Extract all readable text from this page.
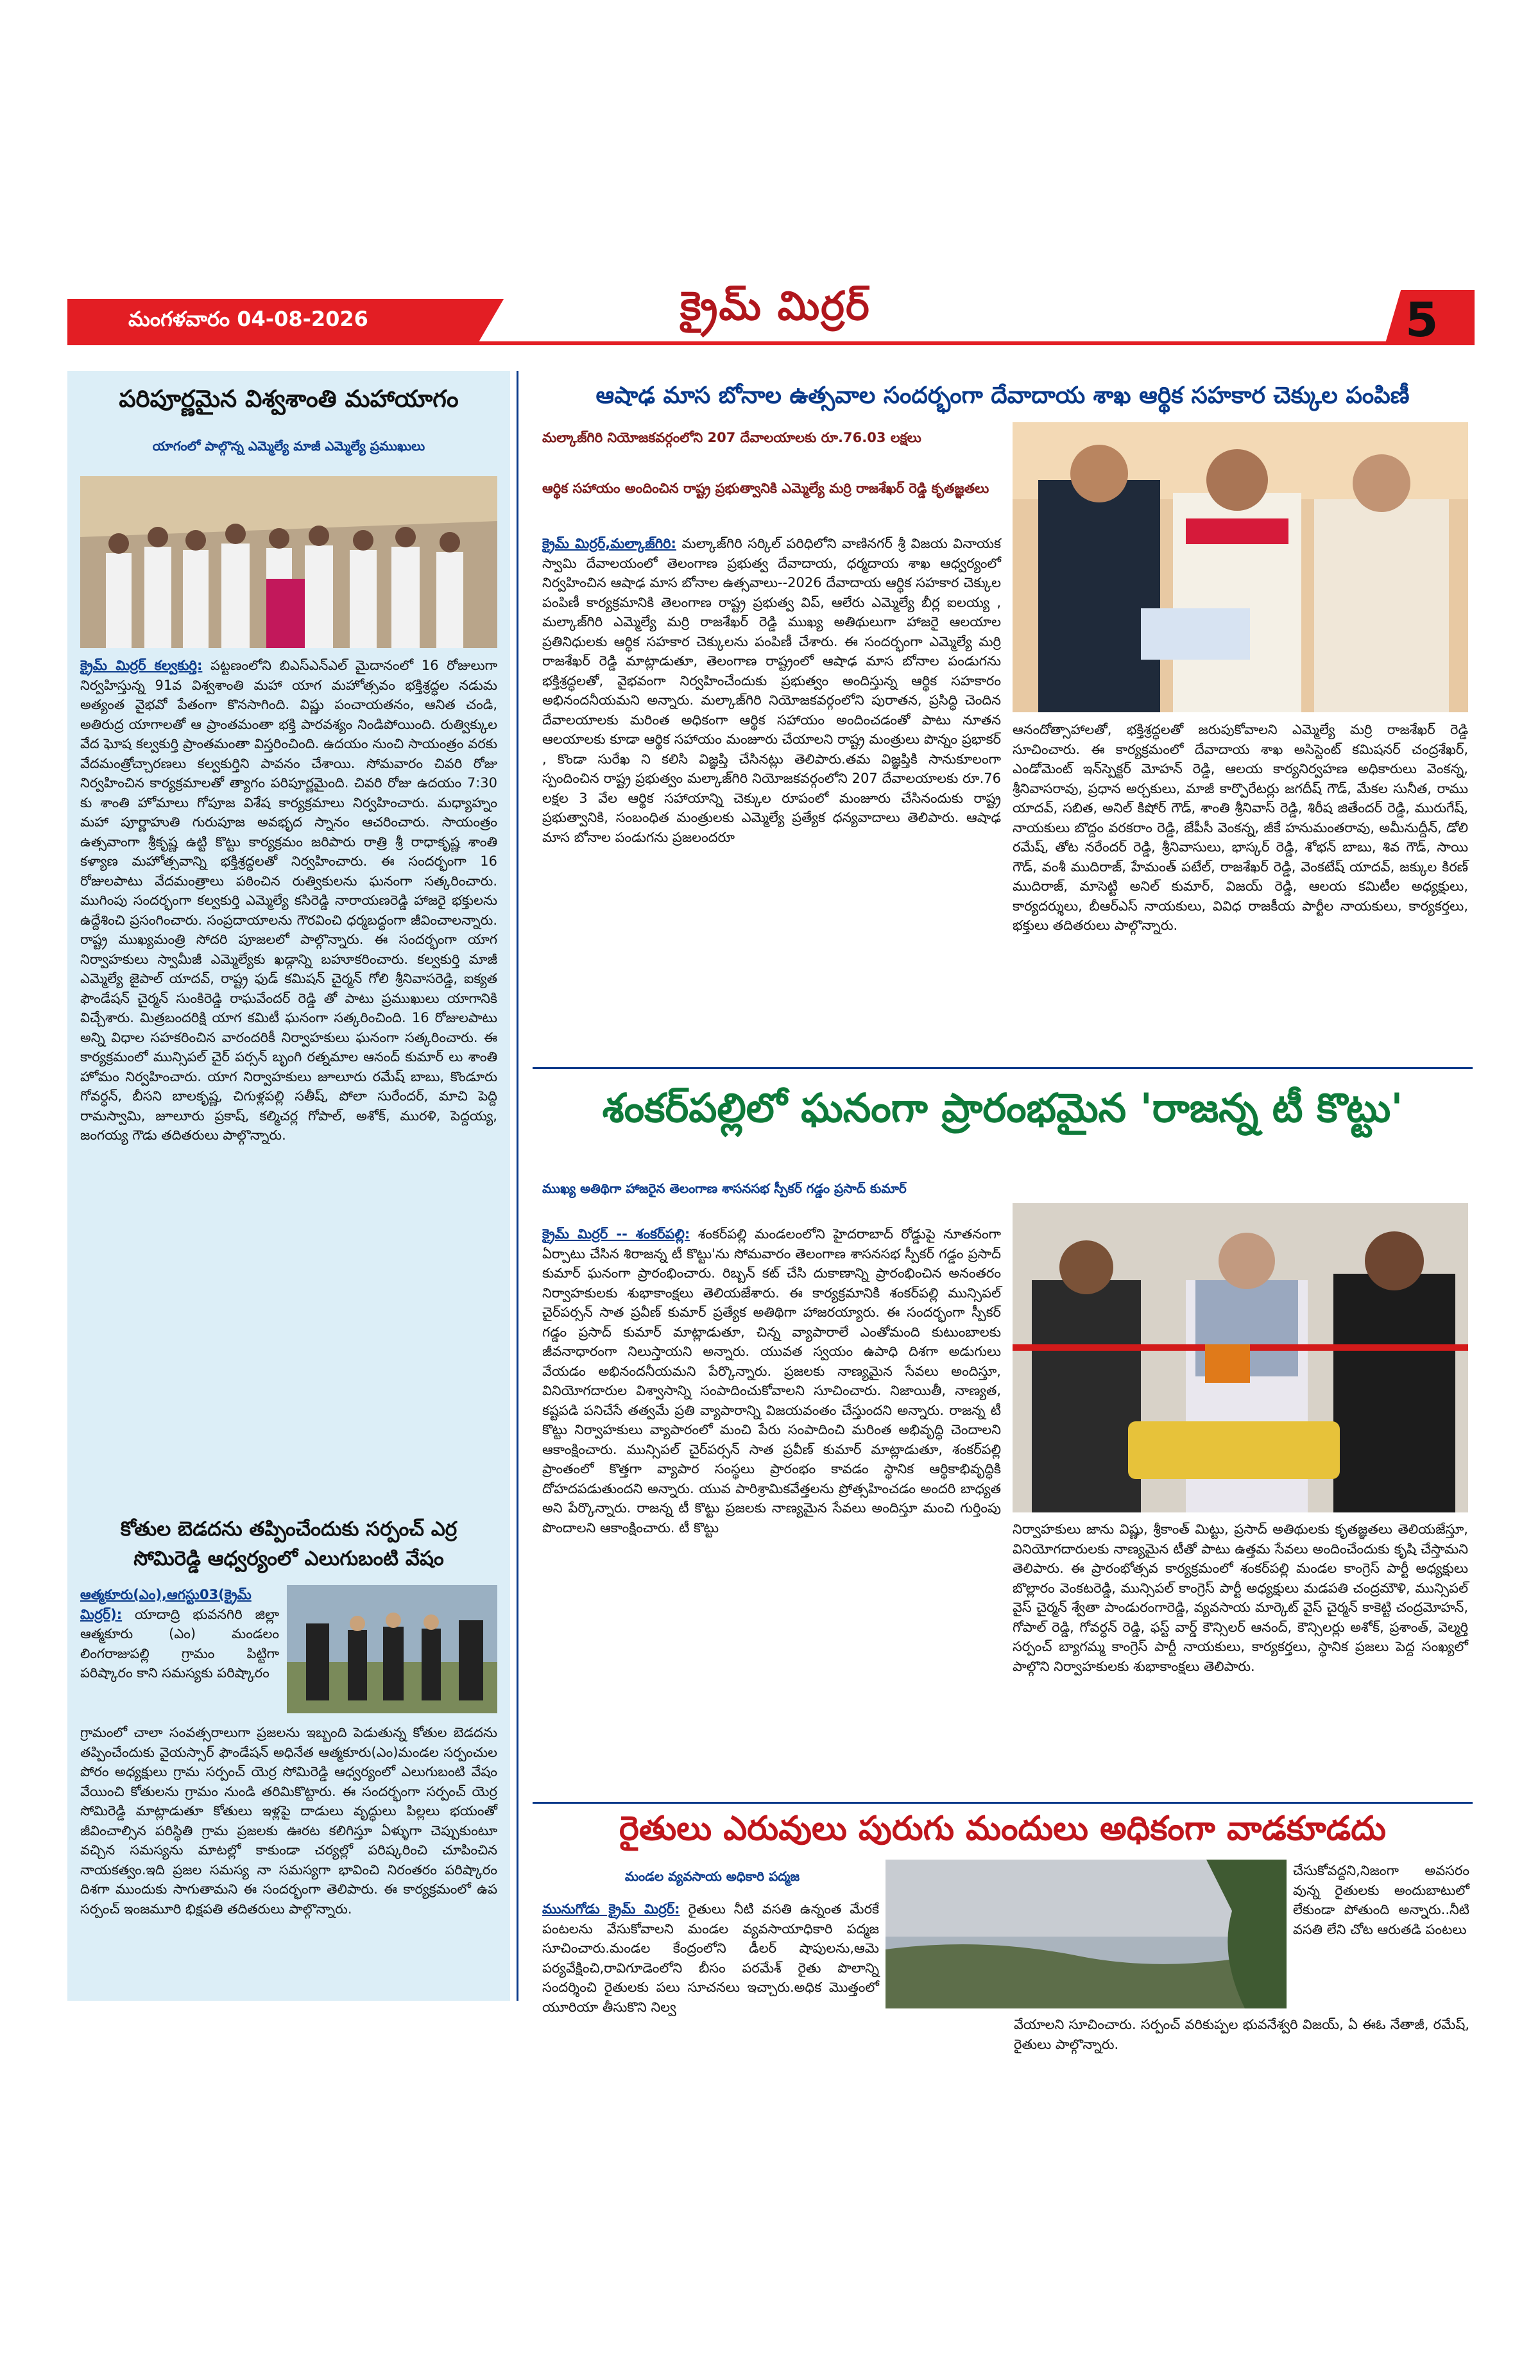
మంగళవారం 04-08-2026	క్రైమ్ మిర్రర్	5
పరిపూర్ణమైన విశ్వశాంతి మహాయాగం
యాగంలో పాల్గొన్న ఎమ్మెల్యే మాజీ ఎమ్మెల్యే ప్రముఖులు
క్రైమ్ మిర్రర్ కల్వకుర్తి: పట్టణంలోని బిఎస్ఎన్ఎల్ మైదానంలో 16 రోజులుగా నిర్వహిస్తున్న 91వ విశ్వశాంతి మహా యాగ మహోత్సవం భక్తిశ్రద్ధల నడుమ అత్యంత వైభవో పేతంగా కొనసాగింది. విష్ణు పంచాయతనం, ఆనిత చండి, అతిరుద్ర యాగాలతో ఆ ప్రాంతమంతా భక్తి పారవశ్యం నిండిపోయింది. రుత్విక్కుల వేద ఘోష కల్వకుర్తి ప్రాంతమంతా విస్తరించింది. ఉదయం నుంచి సాయంత్రం వరకు వేదమంత్రోచ్చారణలు కల్వకుర్తిని పావనం చేశాయి. సోమవారం చివరి రోజు నిర్వహించిన కార్యక్రమాలతో త్యాగం పరిపూర్ణమైంది. చివరి రోజు ఉదయం 7:30 కు శాంతి హోమాలు గోపూజ విశేష కార్యక్రమాలు నిర్వహించారు. మధ్యాహ్నం మహా పూర్ణాహుతి గురుపూజ అవభృద స్నానం ఆచరించారు. సాయంత్రం ఉత్సవాంగా శ్రీకృష్ణ ఉట్టి కొట్టు కార్యక్రమం జరిపారు రాత్రి శ్రీ రాధాకృష్ణ శాంతి కళ్యాణ మహోత్సవాన్ని భక్తిశ్రద్ధలతో నిర్వహించారు. ఈ సందర్భంగా 16 రోజులపాటు వేదమంత్రాలు పఠించిన రుత్వికులను ఘనంగా సత్కరించారు. ముగింపు సందర్భంగా కల్వకుర్తి ఎమ్మెల్యే కసిరెడ్డి నారాయణరెడ్డి హాజరై భక్తులను ఉద్దేశించి ప్రసంగించారు. సంప్రదాయాలను గౌరవించి ధర్మబద్ధంగా జీవించాలన్నారు. రాష్ట్ర ముఖ్యమంత్రి సోదరి పూజలలో పాల్గొన్నారు. ఈ సందర్భంగా యాగ నిర్వాహకులు స్వామీజీ ఎమ్మెల్యేకు ఖడ్గాన్ని బహూకరించారు. కల్వకుర్తి మాజీ ఎమ్మెల్యే జైపాల్ యాదవ్, రాష్ట్ర ఫుడ్ కమిషన్ చైర్మన్ గోలి శ్రీనివాసరెడ్డి, ఐక్యత ఫౌండేషన్ చైర్మన్ సుంకిరెడ్డి రాఘవేందర్ రెడ్డి తో పాటు ప్రముఖులు యాగానికి విచ్చేశారు. మిత్రబందరిక్షి యాగ కమిటీ ఘనంగా సత్కరించింది. 16 రోజులపాటు అన్ని విధాల సహకరించిన వారందరికీ నిర్వాహకులు ఘనంగా సత్కరించారు. ఈ కార్యక్రమంలో మున్సిపల్ చైర్ పర్సన్ బృంగి రత్నమాల ఆనంద్ కుమార్ లు శాంతి హోమం నిర్వహించారు. యాగ నిర్వాహకులు జూలూరు రమేష్ బాబు, కొండూరు గోవర్ధన్, బీసని బాలకృష్ణ, చిగుళ్లపల్లి సతీష్, పోలా సురేందర్, మాచి పెద్ది రామస్వామి, జూలూరు ప్రకాష్, కల్మిచర్ల గోపాల్, అశోక్, మురళి, పెద్దయ్య, జంగయ్య గౌడు తదితరులు పాల్గొన్నారు.
కోతుల బెడదను తప్పించేందుకు సర్పంచ్ ఎర్ర
సోమిరెడ్డి ఆధ్వర్యంలో ఎలుగుబంటి వేషం
ఆత్మకూరు(ఎం),ఆగస్టు03(క్రైమ్ మిర్రర్): యాదాద్రి భువనగిరి జిల్లా ఆత్మకూరు (ఎం) మండలం లింగరాజుపల్లి గ్రామం పిట్టిగా పరిష్కారం కాని సమస్యకు పరిష్కారం
గ్రామంలో చాలా సంవత్సరాలుగా ప్రజలను ఇబ్బంది పెడుతున్న కోతుల బెడదను తప్పించేందుకు వైయస్సార్ ఫౌండేషన్ అధినేత ఆత్మకూరు(ఎం)మండల సర్పంచుల పోరం అధ్యక్షులు గ్రామ సర్పంచ్ యెర్ర సోమిరెడ్డి ఆధ్వర్యంలో ఎలుగుబంటి వేషం వేయించి కోతులను గ్రామం నుండి తరిమికొట్టారు. ఈ సందర్భంగా సర్పంచ్ యెర్ర సోమిరెడ్డి మాట్లాడుతూ కోతులు ఇళ్లపై దాడులు వృద్ధులు పిల్లలు భయంతో జీవించాల్సిన పరిస్థితి గ్రామ ప్రజలకు ఊరట కలిగిస్తూ ఏళ్ళుగా చెప్పుకుంటూ వచ్చిన సమస్యను మాటల్లో కాకుండా చర్యల్లో పరిష్కరించి చూపించిన నాయకత్వం.ఇది ప్రజల సమస్య నా సమస్యగా భావించి నిరంతరం పరిష్కారం దిశగా ముందుకు సాగుతామని ఈ సందర్భంగా తెలిపారు. ఈ కార్యక్రమంలో ఉప సర్పంచ్ ఇంజమూరి భిక్షపతి తదితరులు పాల్గొన్నారు.
ఆషాఢ మాస బోనాల ఉత్సవాల సందర్భంగా దేవాదాయ శాఖ ఆర్థిక సహకార చెక్కుల పంపిణీ
మల్కాజ్‌గిరి నియోజకవర్గంలోని 207 దేవాలయాలకు రూ.76.03 లక్షలు
ఆర్థిక సహాయం అందించిన రాష్ట్ర ప్రభుత్వానికి ఎమ్మెల్యే మర్రి రాజశేఖర్ రెడ్డి కృతజ్ఞతలు
క్రైమ్ మిర్రర్,మల్కాజ్‌గిరి: మల్కాజ్‌గిరి సర్కిల్ పరిధిలోని వాణినగర్ శ్రీ విజయ వినాయక స్వామి దేవాలయంలో తెలంగాణ ప్రభుత్వ దేవాదాయ, ధర్మదాయ శాఖ ఆధ్వర్యంలో నిర్వహించిన ఆషాఢ మాస బోనాల ఉత్సవాలు--2026 దేవాదాయ ఆర్థిక సహకార చెక్కుల పంపిణీ కార్యక్రమానికి తెలంగాణ రాష్ట్ర ప్రభుత్వ విప్, ఆలేరు ఎమ్మెల్యే బీర్ల ఐలయ్య , మల్కాజ్‌గిరి ఎమ్మెల్యే మర్రి రాజశేఖర్ రెడ్డి ముఖ్య అతిథులుగా హాజరై ఆలయాల ప్రతినిధులకు ఆర్థిక సహకార చెక్కులను పంపిణీ చేశారు. ఈ సందర్భంగా ఎమ్మెల్యే మర్రి రాజశేఖర్ రెడ్డి మాట్లాడుతూ, తెలంగాణ రాష్ట్రంలో ఆషాఢ మాస బోనాల పండుగను భక్తిశ్రద్ధలతో, వైభవంగా నిర్వహించేందుకు ప్రభుత్వం అందిస్తున్న ఆర్థిక సహకారం అభినందనీయమని అన్నారు. మల్కాజ్‌గిరి నియోజకవర్గంలోని పురాతన, ప్రసిద్ధి చెందిన దేవాలయాలకు మరింత అధికంగా ఆర్థిక సహాయం అందించడంతో పాటు నూతన ఆలయాలకు కూడా ఆర్థిక సహాయం మంజూరు చేయాలని రాష్ట్ర మంత్రులు పొన్నం ప్రభాకర్ , కొండా సురేఖ ని కలిసి విజ్ఞప్తి చేసినట్లు తెలిపారు.తమ విజ్ఞప్తికి సానుకూలంగా స్పందించిన రాష్ట్ర ప్రభుత్వం మల్కాజ్‌గిరి నియోజకవర్గంలోని 207 దేవాలయాలకు రూ.76 లక్షల 3 వేల ఆర్థిక సహాయాన్ని చెక్కుల రూపంలో మంజూరు చేసినందుకు రాష్ట్ర ప్రభుత్వానికి, సంబంధిత మంత్రులకు ఎమ్మెల్యే ప్రత్యేక ధన్యవాదాలు తెలిపారు. ఆషాఢ మాస బోనాల పండుగను ప్రజలందరూ
ఆనందోత్సాహాలతో, భక్తిశ్రద్ధలతో జరుపుకోవాలని ఎమ్మెల్యే మర్రి రాజశేఖర్ రెడ్డి సూచించారు. ఈ కార్యక్రమంలో దేవాదాయ శాఖ అసిస్టెంట్ కమిషనర్ చంద్రశేఖర్, ఎండోమెంట్ ఇన్‌స్పెక్టర్ మోహన్ రెడ్డి, ఆలయ కార్యనిర్వహణ అధికారులు వెంకన్న, శ్రీనివాసరావు, ప్రధాన అర్చకులు, మాజీ కార్పొరేటర్లు జగదీష్ గౌడ్, మేకల సునీత, రాము యాదవ్, సబిత, అనిల్ కిషోర్ గౌడ్, శాంతి శ్రీనివాస్ రెడ్డి, శిరీష జితేందర్ రెడ్డి, మురుగేష్, నాయకులు బొద్దం వరకరాం రెడ్డి, జేపీసీ వెంకన్న, జీకే హనుమంతరావు, అమీనుద్దీన్, డోలి రమేష్, తోట నరేందర్ రెడ్డి, శ్రీనివాసులు, భాస్కర్ రెడ్డి, శోభన్ బాబు, శివ గౌడ్, సాయి గౌడ్, వంశీ ముదిరాజ్, హేమంత్ పటేల్, రాజశేఖర్ రెడ్డి, వెంకటేష్ యాదవ్, జక్కుల కిరణ్ ముదిరాజ్, మాసెట్టి అనిల్ కుమార్, విజయ్ రెడ్డి, ఆలయ కమిటీల అధ్యక్షులు, కార్యదర్శులు, బీఆర్ఎస్ నాయకులు, వివిధ రాజకీయ పార్టీల నాయకులు, కార్యకర్తలు, భక్తులు తదితరులు పాల్గొన్నారు.
శంకర్‌పల్లిలో ఘనంగా ప్రారంభమైన 'రాజన్న టీ కొట్టు'
ముఖ్య అతిథిగా హాజరైన తెలంగాణ శాసనసభ స్పీకర్ గడ్డం ప్రసాద్ కుమార్
క్రైమ్ మిర్రర్ -- శంకర్‌పల్లి: శంకర్‌పల్లి మండలంలోని హైదరాబాద్ రోడ్డుపై నూతనంగా ఏర్పాటు చేసిన శిరాజన్న టీ కొట్టు'ను సోమవారం తెలంగాణ శాసనసభ స్పీకర్ గడ్డం ప్రసాద్ కుమార్ ఘనంగా ప్రారంభించారు. రిబ్బన్ కట్ చేసి దుకాణాన్ని ప్రారంభించిన అనంతరం నిర్వాహకులకు శుభాకాంక్షలు తెలియజేశారు. ఈ కార్యక్రమానికి శంకర్‌పల్లి మున్సిపల్ చైర్‌పర్సన్ సాత ప్రవీణ్ కుమార్ ప్రత్యేక అతిథిగా హాజరయ్యారు. ఈ సందర్భంగా స్పీకర్ గడ్డం ప్రసాద్ కుమార్ మాట్లాడుతూ, చిన్న వ్యాపారాలే ఎంతోమంది కుటుంబాలకు జీవనాధారంగా నిలుస్తాయని అన్నారు. యువత స్వయం ఉపాధి దిశగా అడుగులు వేయడం అభినందనీయమని పేర్కొన్నారు. ప్రజలకు నాణ్యమైన సేవలు అందిస్తూ, వినియోగదారుల విశ్వాసాన్ని సంపాదించుకోవాలని సూచించారు. నిజాయితీ, నాణ్యత, కష్టపడి పనిచేసే తత్వమే ప్రతి వ్యాపారాన్ని విజయవంతం చేస్తుందని అన్నారు. రాజన్న టీ కొట్టు నిర్వాహకులు వ్యాపారంలో మంచి పేరు సంపాదించి మరింత అభివృద్ధి చెందాలని ఆకాంక్షించారు. మున్సిపల్ చైర్‌పర్సన్ సాత ప్రవీణ్ కుమార్ మాట్లాడుతూ, శంకర్‌పల్లి ప్రాంతంలో కొత్తగా వ్యాపార సంస్థలు ప్రారంభం కావడం స్థానిక ఆర్థికాభివృద్ధికి దోహదపడుతుందని అన్నారు. యువ పారిశ్రామికవేత్తలను ప్రోత్సహించడం అందరి బాధ్యత అని పేర్కొన్నారు. రాజన్న టీ కొట్టు ప్రజలకు నాణ్యమైన సేవలు అందిస్తూ మంచి గుర్తింపు పొందాలని ఆకాంక్షించారు. టీ కొట్టు	నిర్వాహకులు జాను విష్ణు, శ్రీకాంత్ మిట్టు, ప్రసాద్ అతిథులకు కృతజ్ఞతలు తెలియజేస్తూ, వినియోగదారులకు నాణ్యమైన టీతో పాటు ఉత్తమ సేవలు అందించేందుకు కృషి చేస్తామని తెలిపారు. ఈ ప్రారంభోత్సవ కార్యక్రమంలో శంకర్‌పల్లి మండల కాంగ్రెస్ పార్టీ అధ్యక్షులు బొల్లారం వెంకటరెడ్డి, మున్సిపల్ కాంగ్రెస్ పార్టీ అధ్యక్షులు మడపతి చంద్రమౌళి, మున్సిపల్ వైస్ చైర్మన్ శ్వేతా పాండురంగారెడ్డి, వ్యవసాయ మార్కెట్ వైస్ చైర్మన్ కాకెట్టి చంద్రమోహన్, గోపాల్ రెడ్డి, గోవర్ధన్ రెడ్డి, ఫస్ట్ వార్డ్ కౌన్సిలర్ ఆనంద్, కౌన్సిలర్లు అశోక్, ప్రశాంత్, వెల్మర్తి సర్పంచ్ బ్యాగమ్మ కాంగ్రెస్ పార్టీ నాయకులు, కార్యకర్తలు, స్థానిక ప్రజలు పెద్ద సంఖ్యలో పాల్గొని నిర్వాహకులకు శుభాకాంక్షలు తెలిపారు.
రైతులు ఎరువులు పురుగు మందులు అధికంగా వాడకూడదు
మండల వ్యవసాయ అధికారి పద్మజ
మునుగోడు క్రైమ్ మిర్రర్: రైతులు నీటి వసతి ఉన్నంత మేరకే పంటలను వేసుకోవాలని మండల వ్యవసాయాధికారి పద్మజ సూచించారు.మండల కేంద్రంలోని డీలర్ షాపులను,ఆమె పర్యవేక్షించి,రావిగూడెంలోని బీసం పరమేశ్ రైతు పొలాన్ని సందర్శించి రైతులకు పలు సూచనలు ఇచ్చారు.అధిక మొత్తంలో యూరియా తీసుకొని నిల్వ
చేసుకోవద్దని,నిజంగా అవసరం వున్న రైతులకు అందుబాటులో లేకుండా పోతుంది అన్నారు..నీటి వసతి లేని చోట ఆరుతడి పంటలు
వేయాలని సూచించారు. సర్పంచ్ వరికుప్పల భువనేశ్వరి విజయ్, ఏ ఈఓ నేతాజీ, రమేష్, రైతులు పాల్గొన్నారు.
